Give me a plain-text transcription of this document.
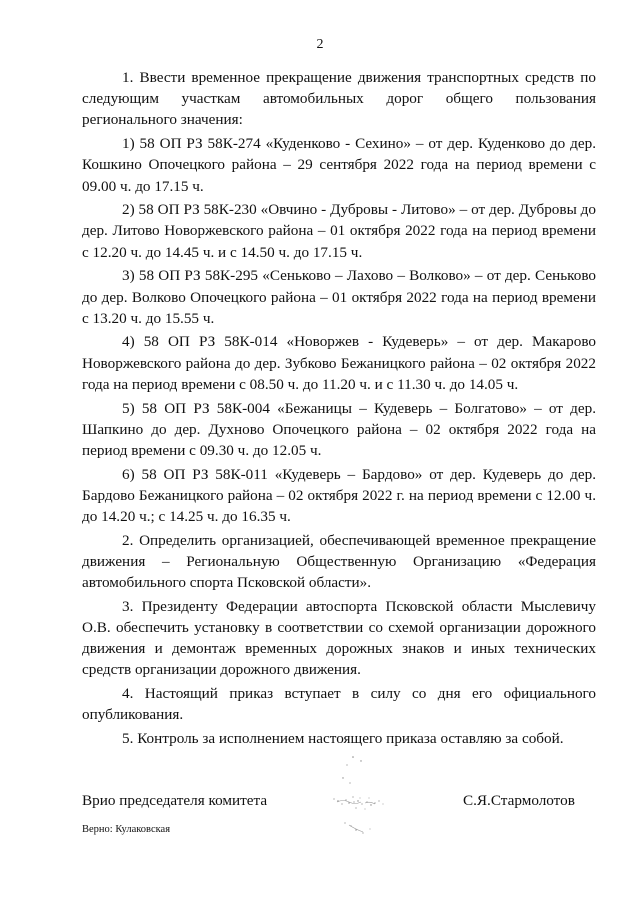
2

1. Ввести временное прекращение движения транспортных средств по следующим участкам автомобильных дорог общего пользования регионального значения:

1) 58 ОП РЗ 58К-274 «Куденково - Сехино» – от дер. Куденково до дер. Кошкино Опочецкого района – 29 сентября 2022 года на период времени с 09.00 ч. до 17.15 ч.

2) 58 ОП РЗ 58К-230 «Овчино - Дубровы - Литово» – от дер. Дубровы до дер. Литово Новоржевского района – 01 октября 2022 года на период времени с 12.20 ч. до 14.45 ч. и с 14.50 ч. до 17.15 ч.

3) 58 ОП РЗ 58К-295 «Сеньково – Лахово – Волково» – от дер. Сеньково до дер. Волково Опочецкого района – 01 октября 2022 года на период времени с 13.20 ч. до 15.55 ч.

4) 58 ОП РЗ 58К-014 «Новоржев - Кудеверь» – от дер. Макарово Новоржевского района до дер. Зубково Бежаницкого района – 02 октября 2022 года на период времени с 08.50 ч. до 11.20 ч. и с 11.30 ч. до 14.05 ч.

5) 58 ОП РЗ 58К-004 «Бежаницы – Кудеверь – Болгатово» – от дер. Шапкино до дер. Духново Опочецкого района – 02 октября 2022 года на период времени с 09.30 ч. до 12.05 ч.

6) 58 ОП РЗ 58К-011 «Кудеверь – Бардово» от дер. Кудеверь до дер. Бардово Бежаницкого района – 02 октября 2022 г. на период времени с 12.00 ч. до 14.20 ч.; с 14.25 ч. до 16.35 ч.

2. Определить организацией, обеспечивающей временное прекращение движения – Региональную Общественную Организацию «Федерация автомобильного спорта Псковской области».

3. Президенту Федерации автоспорта Псковской области Мыслевичу О.В. обеспечить установку в соответствии со схемой организации дорожного движения и демонтаж временных дорожных знаков и иных технических средств организации дорожного движения.

4. Настоящий приказ вступает в силу со дня его официального опубликования.

5. Контроль за исполнением настоящего приказа оставляю за собой.

Врио председателя комитета	С.Я.Стармолотов
Верно: Кулаковская
